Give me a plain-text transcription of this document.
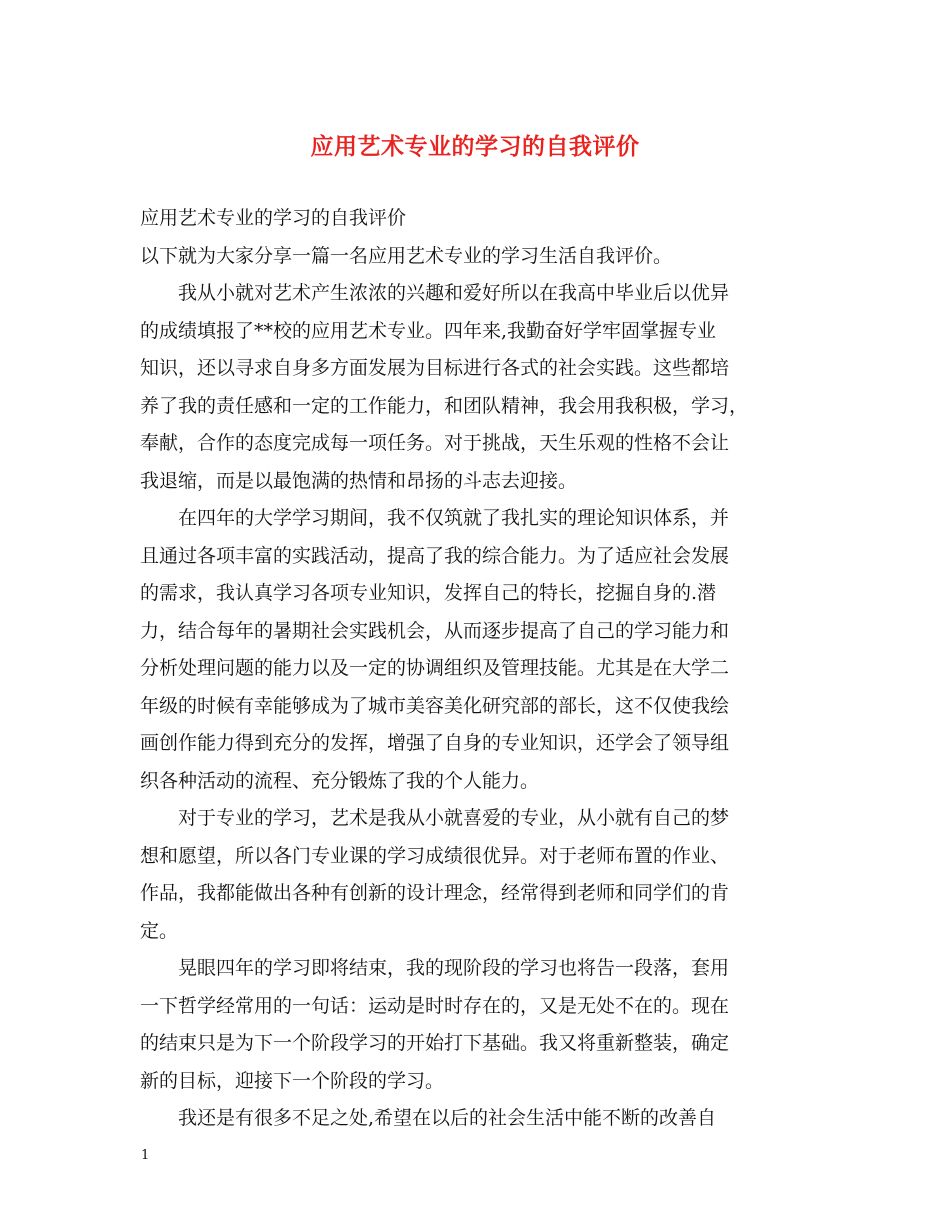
应用艺术专业的学习的自我评价
应用艺术专业的学习的自我评价
以下就为大家分享一篇一名应用艺术专业的学习生活自我评价。
我从小就对艺术产生浓浓的兴趣和爱好所以在我高中毕业后以优异
的成绩填报了**校的应用艺术专业。四年来,我勤奋好学牢固掌握专业
知识，还以寻求自身多方面发展为目标进行各式的社会实践。这些都培
养了我的责任感和一定的工作能力，和团队精神，我会用我积极，学习，
奉献，合作的态度完成每一项任务。对于挑战，天生乐观的性格不会让
我退缩，而是以最饱满的热情和昂扬的斗志去迎接。
在四年的大学学习期间，我不仅筑就了我扎实的理论知识体系，并
且通过各项丰富的实践活动，提高了我的综合能力。为了适应社会发展
的需求，我认真学习各项专业知识，发挥自己的特长，挖掘自身的.潜
力，结合每年的暑期社会实践机会，从而逐步提高了自己的学习能力和
分析处理问题的能力以及一定的协调组织及管理技能。尤其是在大学二
年级的时候有幸能够成为了城市美容美化研究部的部长，这不仅使我绘
画创作能力得到充分的发挥，增强了自身的专业知识，还学会了领导组
织各种活动的流程、充分锻炼了我的个人能力。
对于专业的学习，艺术是我从小就喜爱的专业，从小就有自己的梦
想和愿望，所以各门专业课的学习成绩很优异。对于老师布置的作业、
作品，我都能做出各种有创新的设计理念，经常得到老师和同学们的肯
定。
晃眼四年的学习即将结束，我的现阶段的学习也将告一段落，套用
一下哲学经常用的一句话：运动是时时存在的，又是无处不在的。现在
的结束只是为下一个阶段学习的开始打下基础。我又将重新整装，确定
新的目标，迎接下一个阶段的学习。
我还是有很多不足之处,希望在以后的社会生活中能不断的改善自
1
